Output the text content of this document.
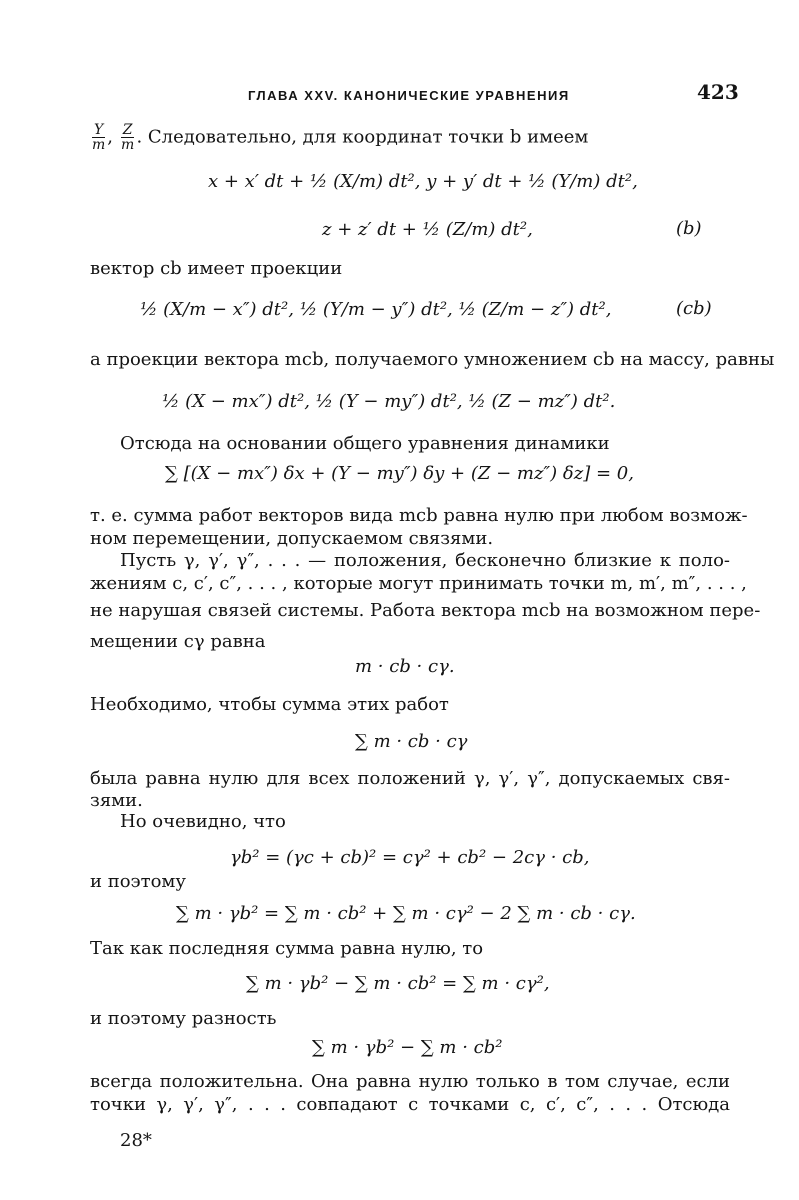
ГЛАВА XXV. КАНОНИЧЕСКИЕ УРАВНЕНИЯ	423
$\frac{Y}{m}$ , $\frac{Z}{m}$ . Следовательно, для координат точки b имеем
x + x′ dt + ½ (X/m) dt², y + y′ dt + ½ (Y/m) dt²,
z + z′ dt + ½ (Z/m) dt²,	(b)
вектор cb имеет проекции
½ (X/m − x″) dt², ½ (Y/m − y″) dt², ½ (Z/m − z″) dt²,	(cb)
а проекции вектора mcb, получаемого умножением cb на массу, равны
½ (X − mx″) dt², ½ (Y − my″) dt², ½ (Z − mz″) dt².
Отсюда на основании общего уравнения динамики
∑ [(X − mx″) δx + (Y − my″) δy + (Z − mz″) δz] = 0,
т. е. сумма работ векторов вида mcb равна нулю при любом возмож-
ном перемещении, допускаемом связями.
Пусть γ, γ′, γ″, . . . — положения, бесконечно близкие к поло-
жениям c, c′, c″, . . . , которые могут принимать точки m, m′, m″, . . . ,
не нарушая связей системы. Работа вектора mcb на возможном пере-
мещении cγ равна
m · cb · cγ.
Необходимо, чтобы сумма этих работ
∑ m · cb · cγ
была равна нулю для всех положений γ, γ′, γ″, допускаемых свя-
зями.
Но очевидно, что
γb² = (γc + cb)² = cγ² + cb² − 2cγ · cb,
и поэтому
∑ m · γb² = ∑ m · cb² + ∑ m · cγ² − 2 ∑ m · cb · cγ.
Так как последняя сумма равна нулю, то
∑ m · γb² − ∑ m · cb² = ∑ m · cγ²,
и поэтому разность
∑ m · γb² − ∑ m · cb²
всегда положительна. Она равна нулю только в том случае, если
точки γ, γ′, γ″, . . . совпадают с точками c, c′, c″, . . . Отсюда
28*
